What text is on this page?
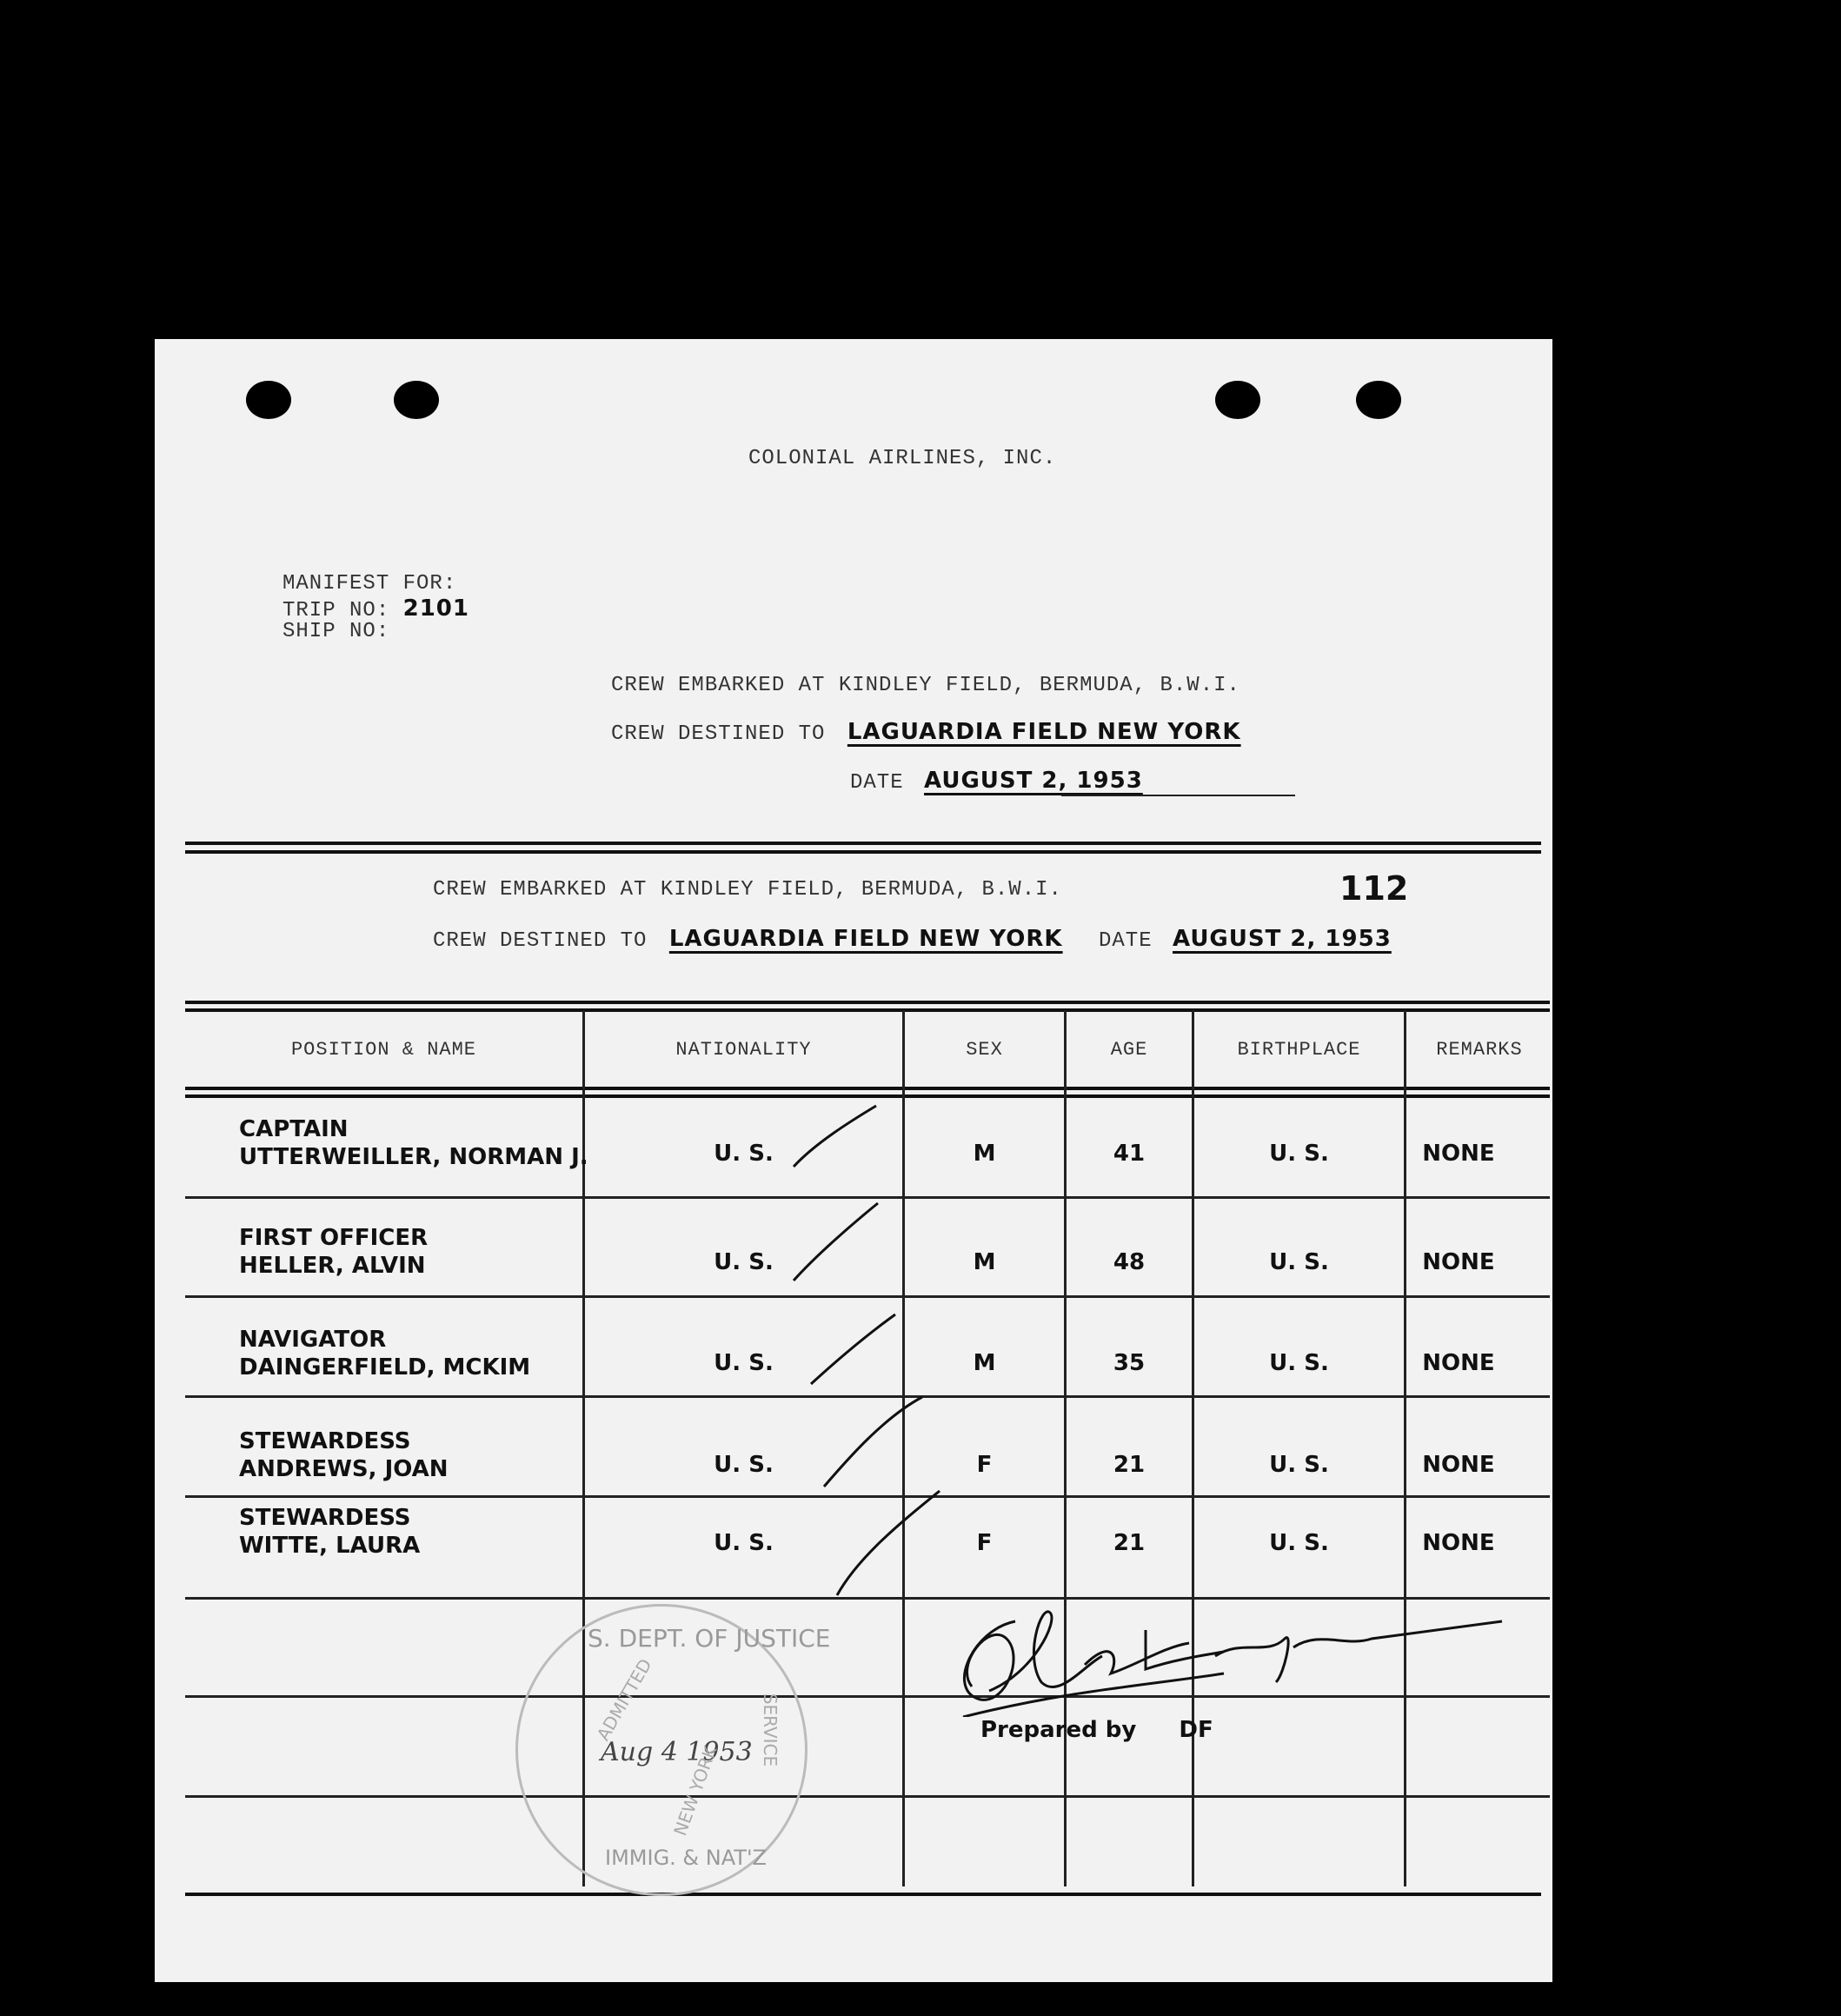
COLONIAL AIRLINES, INC.
MANIFEST FOR:
TRIP NO: 2101
SHIP NO:
CREW EMBARKED AT KINDLEY FIELD, BERMUDA, B.W.I.
CREW DESTINED TO LAGUARDIA FIELD NEW YORK
DATE AUGUST 2, 1953
CREW EMBARKED AT KINDLEY FIELD, BERMUDA, B.W.I.	112
CREW DESTINED TO LAGUARDIA FIELD NEW YORK DATE AUGUST 2, 1953
POSITION & NAME	NATIONALITY	SEX	AGE	BIRTHPLACE	REMARKS
CAPTAIN
UTTERWEILLER, NORMAN J.	U. S.	M	41	U. S.	NONE
FIRST OFFICER
HELLER, ALVIN	U. S.	M	48	U. S.	NONE
NAVIGATOR
DAINGERFIELD, MCKIM	U. S.	M	35	U. S.	NONE
STEWARDESS
ANDREWS, JOAN	U. S.	F	21	U. S.	NONE
STEWARDESS
WITTE, LAURA	U. S.	F	21	U. S.	NONE
S. DEPT. OF JUSTICE
ADMITTED
Aug 4 1953
NEW YORK
SERVICE
IMMIG. & NAT'Z
Prepared by DF
